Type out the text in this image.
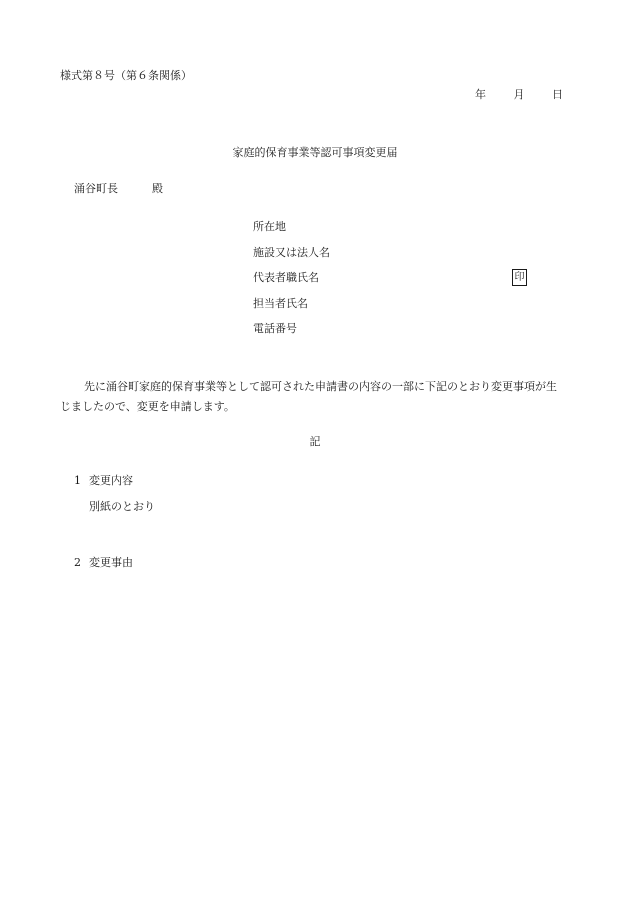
様式第８号（第６条関係）
年	月	日
家庭的保育事業等認可事項変更届
涌谷町長	殿
所在地
施設又は法人名
代表者職氏名	印
担当者氏名
電話番号
先に涌谷町家庭的保育事業等として認可された申請書の内容の一部に下記のとおり変更事項が生じましたので、変更を申請します。
記
1 変更内容
別紙のとおり
2 変更事由
